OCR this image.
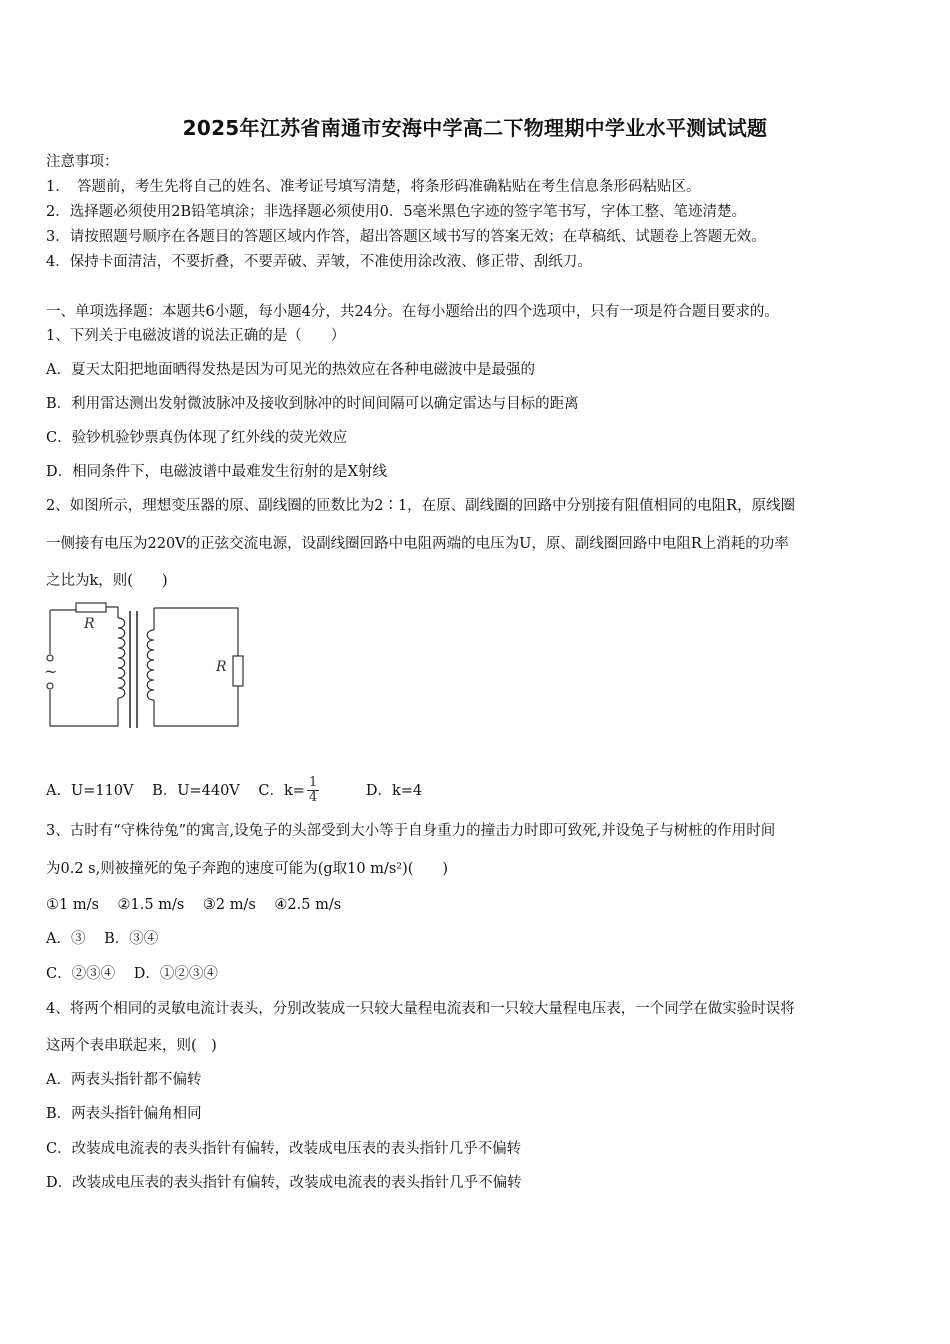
2025年江苏省南通市安海中学高二下物理期中学业水平测试试题
注意事项：
1．　答题前，考生先将自己的姓名、准考证号填写清楚，将条形码准确粘贴在考生信息条形码粘贴区。
2．选择题必须使用2B铅笔填涂；非选择题必须使用0．5毫米黑色字迹的签字笔书写，字体工整、笔迹清楚。
3．请按照题号顺序在各题目的答题区域内作答，超出答题区域书写的答案无效；在草稿纸、试题卷上答题无效。
4．保持卡面清洁，不要折叠，不要弄破、弄皱，不准使用涂改液、修正带、刮纸刀。
一、单项选择题：本题共6小题，每小题4分，共24分。在每小题给出的四个选项中，只有一项是符合题目要求的。
1、下列关于电磁波谱的说法正确的是（　　）
A．夏天太阳把地面晒得发热是因为可见光的热效应在各种电磁波中是最强的
B．利用雷达测出发射微波脉冲及接收到脉冲的时间间隔可以确定雷达与目标的距离
C．验钞机验钞票真伪体现了红外线的荧光效应
D．相同条件下，电磁波谱中最难发生衍射的是X射线
2、如图所示，理想变压器的原、副线圈的匝数比为2∶1，在原、副线圈的回路中分别接有阻值相同的电阻R，原线圈
一侧接有电压为220V的正弦交流电源，设副线圈回路中电阻两端的电压为U，原、副线圈回路中电阻R上消耗的功率
之比为k，则(　　)
R
R
~
A．U=110V B．U=440V C．$k= \frac{1}{4}$ D．k=4
3、古时有“守株待兔”的寓言,设兔子的头部受到大小等于自身重力的撞击力时即可致死,并设兔子与树桩的作用时间
为0.2 s,则被撞死的兔子奔跑的速度可能为(g取10 m/s²)(　　)
①1 m/s ②1.5 m/s ③2 m/s ④2.5 m/s
A．③ B．③④
C．②③④ D．①②③④
4、将两个相同的灵敏电流计表头，分别改装成一只较大量程电流表和一只较大量程电压表，一个同学在做实验时误将
这两个表串联起来，则(　)
A．两表头指针都不偏转
B．两表头指针偏角相同
C．改装成电流表的表头指针有偏转，改装成电压表的表头指针几乎不偏转
D．改装成电压表的表头指针有偏转，改装成电流表的表头指针几乎不偏转
